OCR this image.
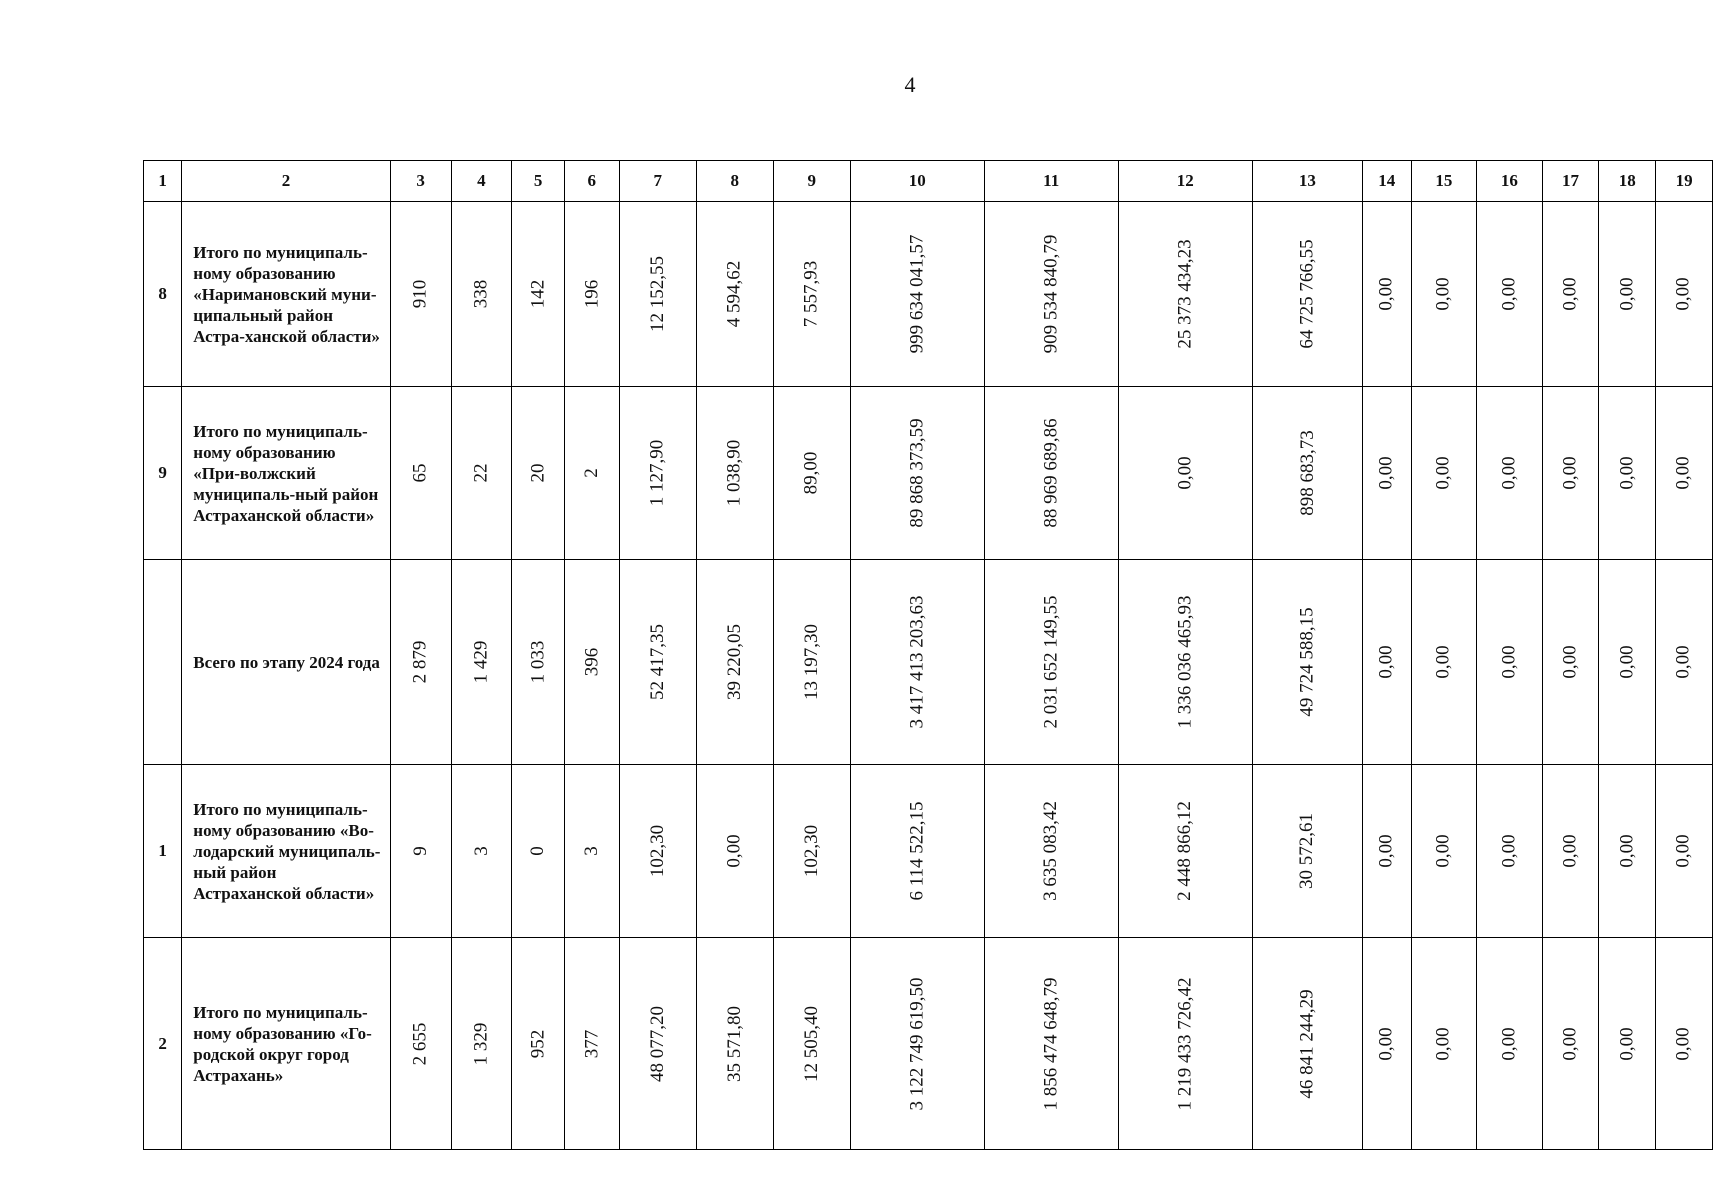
4
1	2	3	4	5	6	7	8	9	10	11	12	13	14	15	16	17	18	19
8	Итого по муниципаль-ному образованию «Наримановский муни-ципальный район Астра-ханской области»	910	338	142	196	12 152,55	4 594,62	7 557,93	999 634 041,57	909 534 840,79	25 373 434,23	64 725 766,55	0,00	0,00	0,00	0,00	0,00	0,00
9	Итого по муниципаль-ному образованию «При-волжский муниципаль-ный район Астраханской области»	65	22	20	2	1 127,90	1 038,90	89,00	89 868 373,59	88 969 689,86	0,00	898 683,73	0,00	0,00	0,00	0,00	0,00	0,00
	Всего по этапу 2024 года	2 879	1 429	1 033	396	52 417,35	39 220,05	13 197,30	3 417 413 203,63	2 031 652 149,55	1 336 036 465,93	49 724 588,15	0,00	0,00	0,00	0,00	0,00	0,00
1	Итого по муниципаль-ному образованию «Во-лодарский муниципаль-ный район Астраханской области»	9	3	0	3	102,30	0,00	102,30	6 114 522,15	3 635 083,42	2 448 866,12	30 572,61	0,00	0,00	0,00	0,00	0,00	0,00
2	Итого по муниципаль-ному образованию «Го-родской округ город Астрахань»	2 655	1 329	952	377	48 077,20	35 571,80	12 505,40	3 122 749 619,50	1 856 474 648,79	1 219 433 726,42	46 841 244,29	0,00	0,00	0,00	0,00	0,00	0,00
